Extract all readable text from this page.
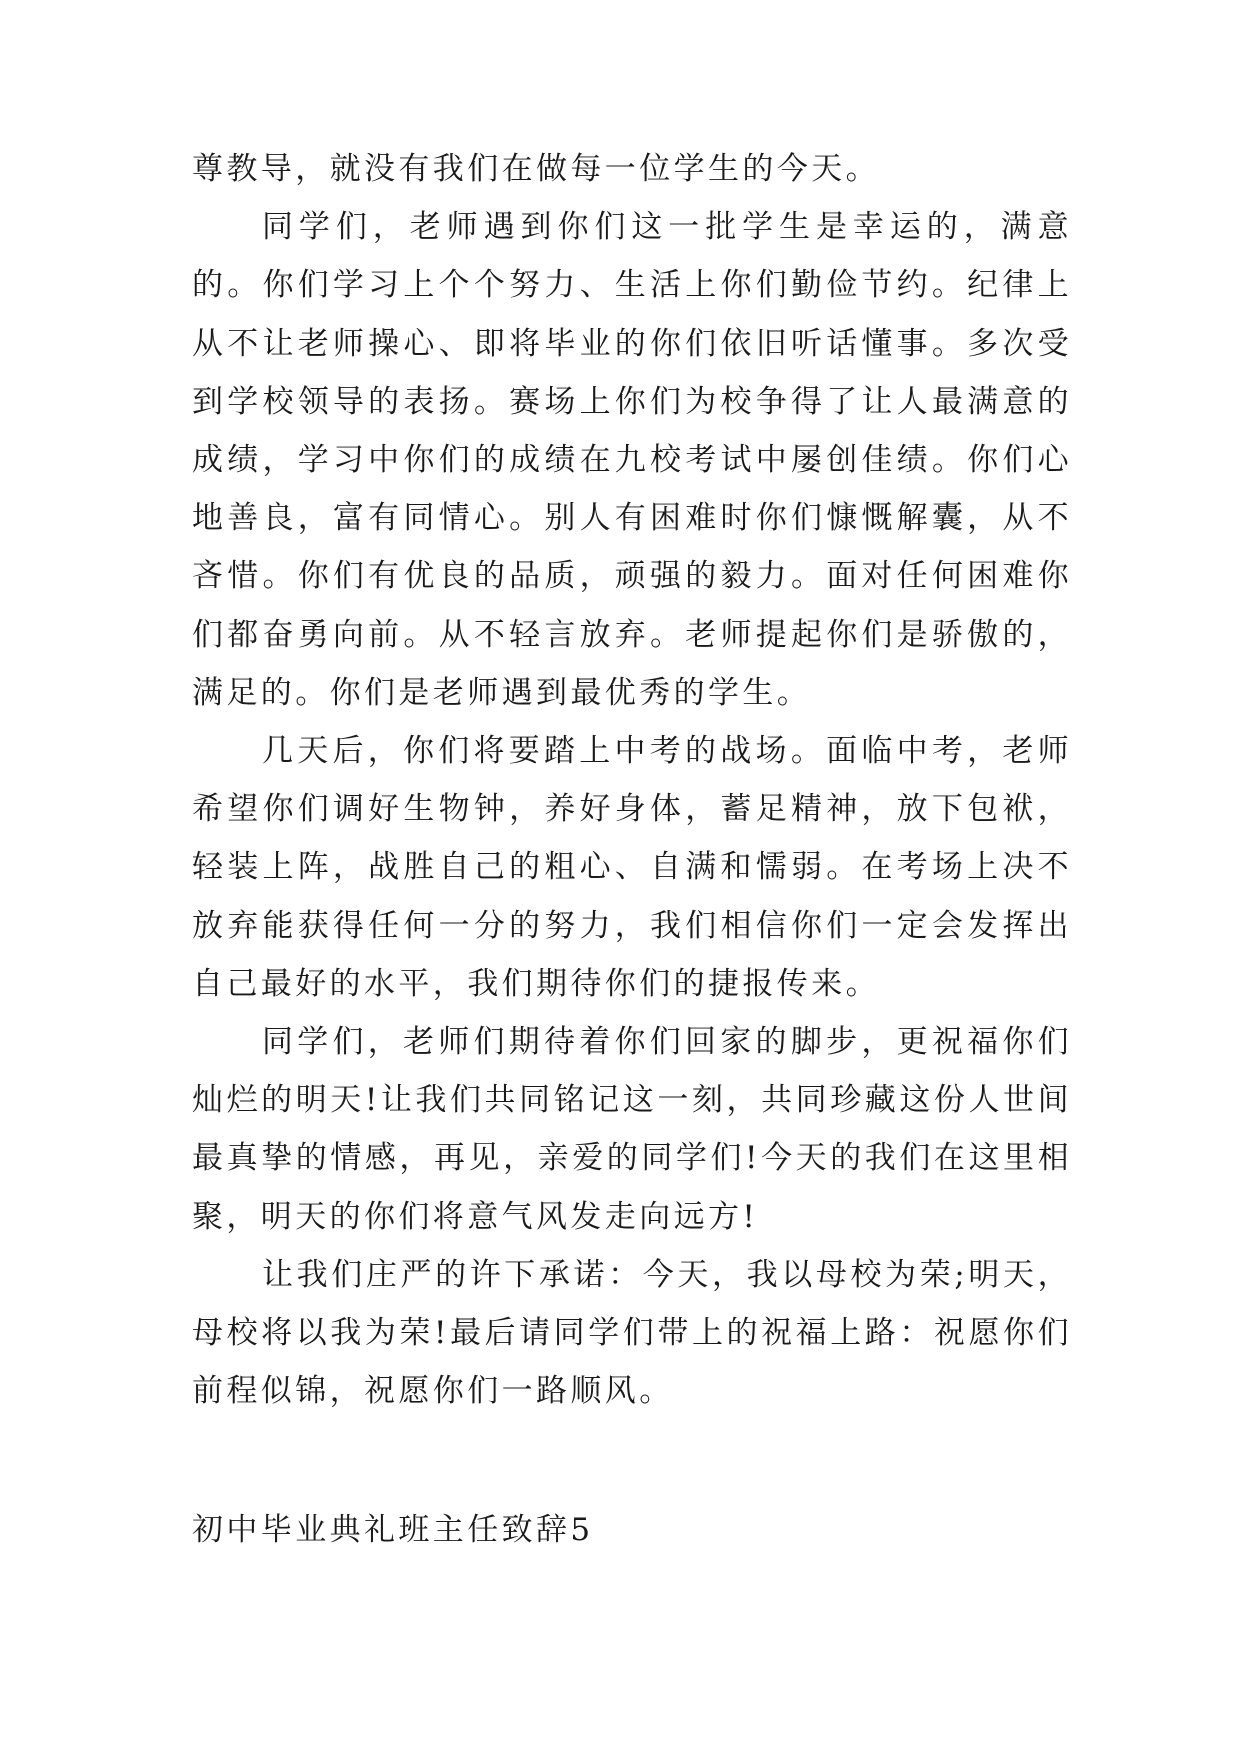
尊教导，就没有我们在做每一位学生的今天。

同学们，老师遇到你们这一批学生是幸运的，满意的。你们学习上个个努力、生活上你们勤俭节约。纪律上从不让老师操心、即将毕业的你们依旧听话懂事。多次受到学校领导的表扬。赛场上你们为校争得了让人最满意的成绩，学习中你们的成绩在九校考试中屡创佳绩。你们心地善良，富有同情心。别人有困难时你们慷慨解囊，从不吝惜。你们有优良的品质，顽强的毅力。面对任何困难你们都奋勇向前。从不轻言放弃。老师提起你们是骄傲的，满足的。你们是老师遇到最优秀的学生。

几天后，你们将要踏上中考的战场。面临中考，老师希望你们调好生物钟，养好身体，蓄足精神，放下包袱，轻装上阵，战胜自己的粗心、自满和懦弱。在考场上决不放弃能获得任何一分的努力，我们相信你们一定会发挥出自己最好的水平，我们期待你们的捷报传来。

同学们，老师们期待着你们回家的脚步，更祝福你们灿烂的明天!让我们共同铭记这一刻，共同珍藏这份人世间最真挚的情感，再见，亲爱的同学们!今天的我们在这里相聚，明天的你们将意气风发走向远方!

让我们庄严的许下承诺：今天，我以母校为荣;明天，母校将以我为荣!最后请同学们带上的祝福上路：祝愿你们前程似锦，祝愿你们一路顺风。

初中毕业典礼班主任致辞5
